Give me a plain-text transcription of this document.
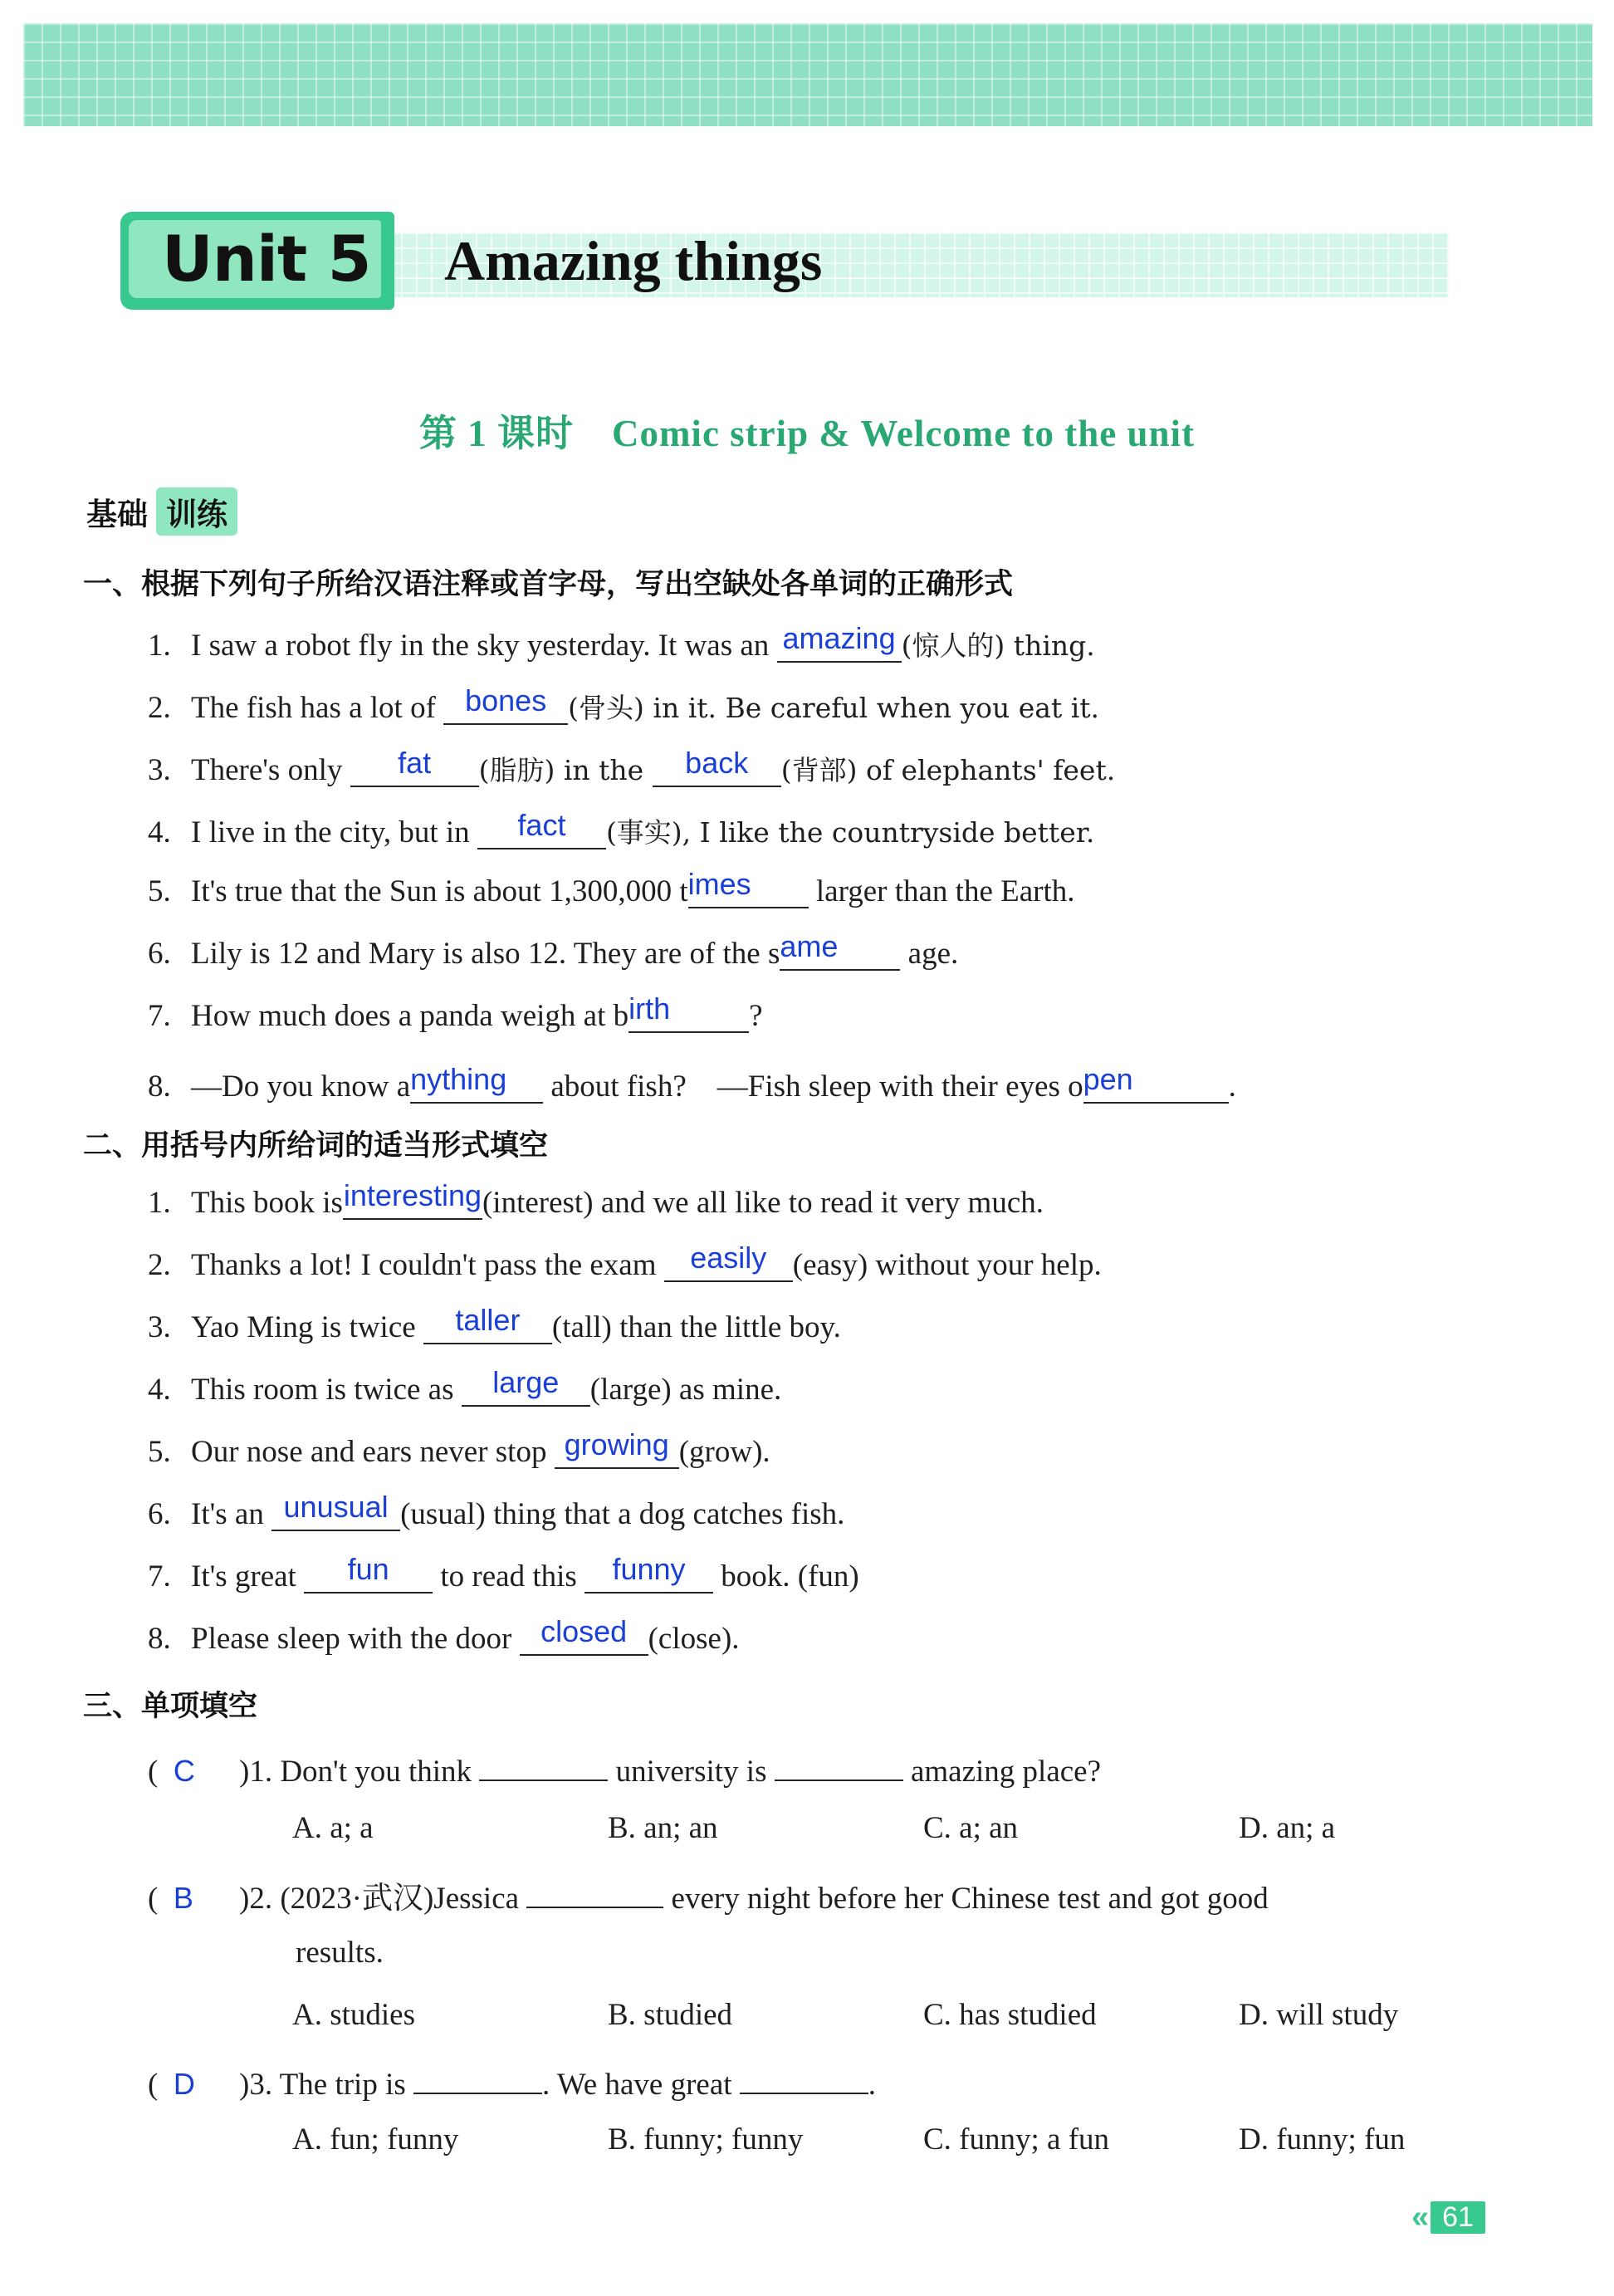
Unit 5 Amazing things
第 1 课时　Comic strip & Welcome to the unit
基础 训练
一、根据下列句子所给汉语注释或首字母，写出空缺处各单词的正确形式
1. I saw a robot fly in the sky yesterday. It was an amazing (惊人的) thing.
2. The fish has a lot of bones (骨头) in it. Be careful when you eat it.
3. There's only fat (脂肪) in the back (背部) of elephants' feet.
4. I live in the city, but in fact (事实), I like the countryside better.
5. It's true that the Sun is about 1,300,000 times larger than the Earth.
6. Lily is 12 and Mary is also 12. They are of the same age.
7. How much does a panda weigh at birth	?
8. —Do you know anything about fish?　—Fish sleep with their eyes open	.
二、用括号内所给词的适当形式填空
1. This book isinteresting(interest) and we all like to read it very much.
2. Thanks a lot! I couldn't pass the exam easily (easy) without your help.
3. Yao Ming is twice taller (tall) than the little boy.
4. This room is twice as large (large) as mine.
5. Our nose and ears never stop growing (grow).
6. It's an unusual (usual) thing that a dog catches fish.
7. It's great fun to read this funny book. (fun)
8. Please sleep with the door closed (close).
三、单项填空
(  C )1. Don't you think	university is	amazing place?
A. a; a	B. an; an	C. a; an	D. an; a
(  B )2. (2023·武汉)Jessica	every night before her Chinese test and got good
results.
A. studies	B. studied	C. has studied	D. will study
(  D )3. The trip is	. We have great	.
A. fun; funny	B. funny; funny	C. funny; a fun	D. funny; fun
« 61
